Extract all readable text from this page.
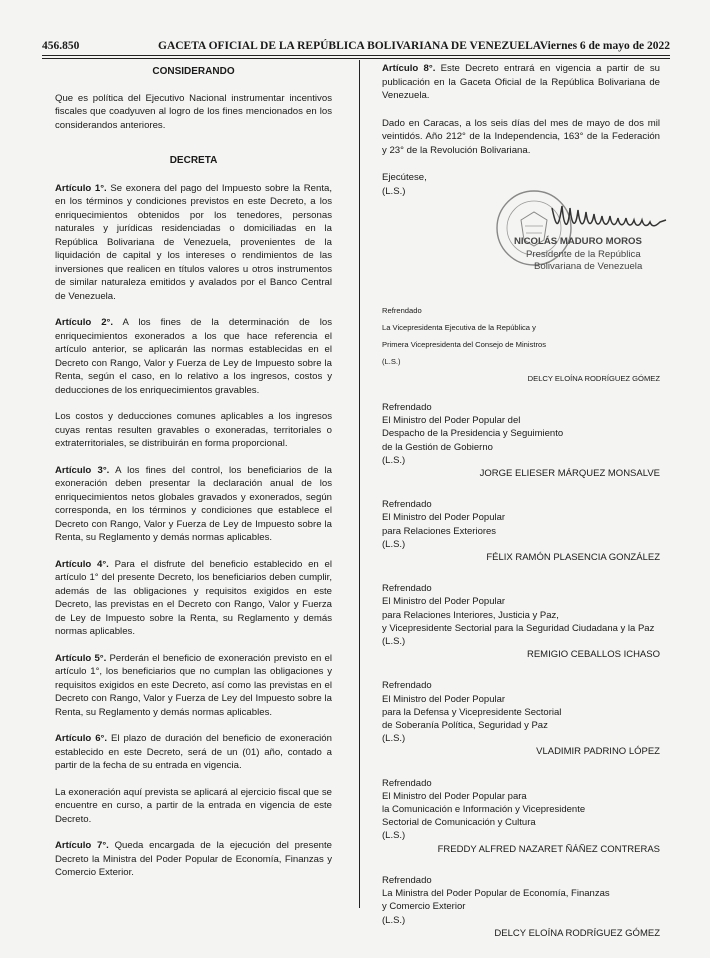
456.850	GACETA OFICIAL DE LA REPÚBLICA BOLIVARIANA DE VENEZUELA
Viernes 6 de mayo de 2022

CONSIDERANDO

Que es política del Ejecutivo Nacional instrumentar incentivos fiscales que coadyuven al logro de los fines mencionados en los considerandos anteriores.

DECRETA

Artículo 1°. Se exonera del pago del Impuesto sobre la Renta, en los términos y condiciones previstos en este Decreto, a los enriquecimientos obtenidos por los tenedores, personas naturales y jurídicas residenciadas o domiciliadas en la República Bolivariana de Venezuela, provenientes de la liquidación de capital y los intereses o rendimientos de las inversiones que realicen en títulos valores u otros instrumentos de similar naturaleza emitidos y avalados por el Banco Central de Venezuela.

Artículo 2°. A los fines de la determinación de los enriquecimientos exonerados a los que hace referencia el artículo anterior, se aplicarán las normas establecidas en el Decreto con Rango, Valor y Fuerza de Ley de Impuesto sobre la Renta, según el caso, en lo relativo a los ingresos, costos y deducciones de los enriquecimientos gravables.

Los costos y deducciones comunes aplicables a los ingresos cuyas rentas resulten gravables o exoneradas, territoriales o extraterritoriales, se distribuirán en forma proporcional.

Artículo 3°. A los fines del control, los beneficiarios de la exoneración deben presentar la declaración anual de los enriquecimientos netos globales gravados y exonerados, según corresponda, en los términos y condiciones que establece el Decreto con Rango, Valor y Fuerza de Ley de Impuesto sobre la Renta, su Reglamento y demás normas aplicables.

Artículo 4°. Para el disfrute del beneficio establecido en el artículo 1° del presente Decreto, los beneficiarios deben cumplir, además de las obligaciones y requisitos exigidos en este Decreto, las previstas en el Decreto con Rango, Valor y Fuerza de Ley de Impuesto sobre la Renta, su Reglamento y demás normas aplicables.

Artículo 5°. Perderán el beneficio de exoneración previsto en el artículo 1°, los beneficiarios que no cumplan las obligaciones y requisitos exigidos en este Decreto, así como las previstas en el Decreto con Rango, Valor y Fuerza de Ley del Impuesto sobre la Renta, su Reglamento y demás normas aplicables.

Artículo 6°. El plazo de duración del beneficio de exoneración establecido en este Decreto, será de un (01) año, contado a partir de la fecha de su entrada en vigencia.

La exoneración aquí prevista se aplicará al ejercicio fiscal que se encuentre en curso, a partir de la entrada en vigencia de este Decreto.

Artículo 7°. Queda encargada de la ejecución del presente Decreto la Ministra del Poder Popular de Economía, Finanzas y Comercio Exterior.

Artículo 8°. Este Decreto entrará en vigencia a partir de su publicación en la Gaceta Oficial de la República Bolivariana de Venezuela.

Dado en Caracas, a los seis días del mes de mayo de dos mil veintidós. Año 212° de la Independencia, 163° de la Federación y 23° de la Revolución Bolivariana.

Ejecútese,

(L.S.)

Refrendado
La Vicepresidenta Ejecutiva de la República y
Primera Vicepresidenta del Consejo de Ministros
(L.S.)
DELCY ELOÍNA RODRÍGUEZ GÓMEZ
Refrendado
El Ministro del Poder Popular del
Despacho de la Presidencia y Seguimiento
de la Gestión de Gobierno
(L.S.)
JORGE ELIESER MÁRQUEZ MONSALVE
Refrendado
El Ministro del Poder Popular
para Relaciones Exteriores
(L.S.)
FÉLIX RAMÓN PLASENCIA GONZÁLEZ
Refrendado
El Ministro del Poder Popular
para Relaciones Interiores, Justicia y Paz,
y Vicepresidente Sectorial para la Seguridad Ciudadana y la Paz
(L.S.)
REMIGIO CEBALLOS ICHASO
Refrendado
El Ministro del Poder Popular
para la Defensa y Vicepresidente Sectorial
de Soberanía Política, Seguridad y Paz
(L.S.)
VLADIMIR PADRINO LÓPEZ
Refrendado
El Ministro del Poder Popular para
la Comunicación e Información y Vicepresidente
Sectorial de Comunicación y Cultura
(L.S.)
FREDDY ALFRED NAZARET ÑÁÑEZ CONTRERAS
Refrendado
La Ministra del Poder Popular de Economía, Finanzas
y Comercio Exterior
(L.S.)
DELCY ELOÍNA RODRÍGUEZ GÓMEZ
NICOLÁS MADURO MOROS
Presidente de la República
Bolivariana de Venezuela
